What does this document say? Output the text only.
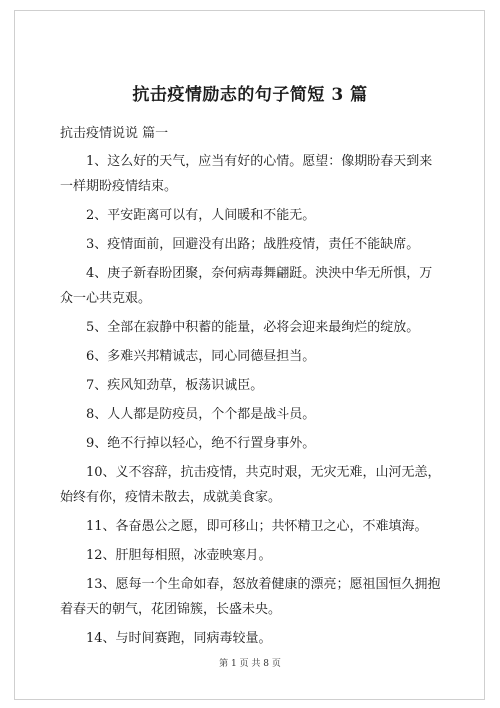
抗击疫情励志的句子简短 3 篇
抗击疫情说说 篇一

1、这么好的天气，应当有好的心情。愿望：像期盼春天到来一样期盼疫情结束。

2、平安距离可以有，人间暖和不能无。

3、疫情面前，回避没有出路；战胜疫情，责任不能缺席。

4、庚子新春盼团聚，奈何病毒舞翩跹。泱泱中华无所惧，万众一心共克艰。

5、全部在寂静中积蓄的能量，必将会迎来最绚烂的绽放。

6、多难兴邦精诚志，同心同德昼担当。

7、疾风知劲草，板荡识诚臣。

8、人人都是防疫员，个个都是战斗员。

9、绝不行掉以轻心，绝不行置身事外。

10、义不容辞，抗击疫情，共克时艰，无灾无难，山河无恙，始终有你，疫情未散去，成就美食家。

11、各奋愚公之愿，即可移山；共怀精卫之心，不难填海。

12、肝胆每相照，冰壶映寒月。

13、愿每一个生命如春，怒放着健康的漂亮；愿祖国恒久拥抱着春天的朝气，花团锦簇，长盛未央。

14、与时间赛跑，同病毒较量。

第 1 页 共 8 页
